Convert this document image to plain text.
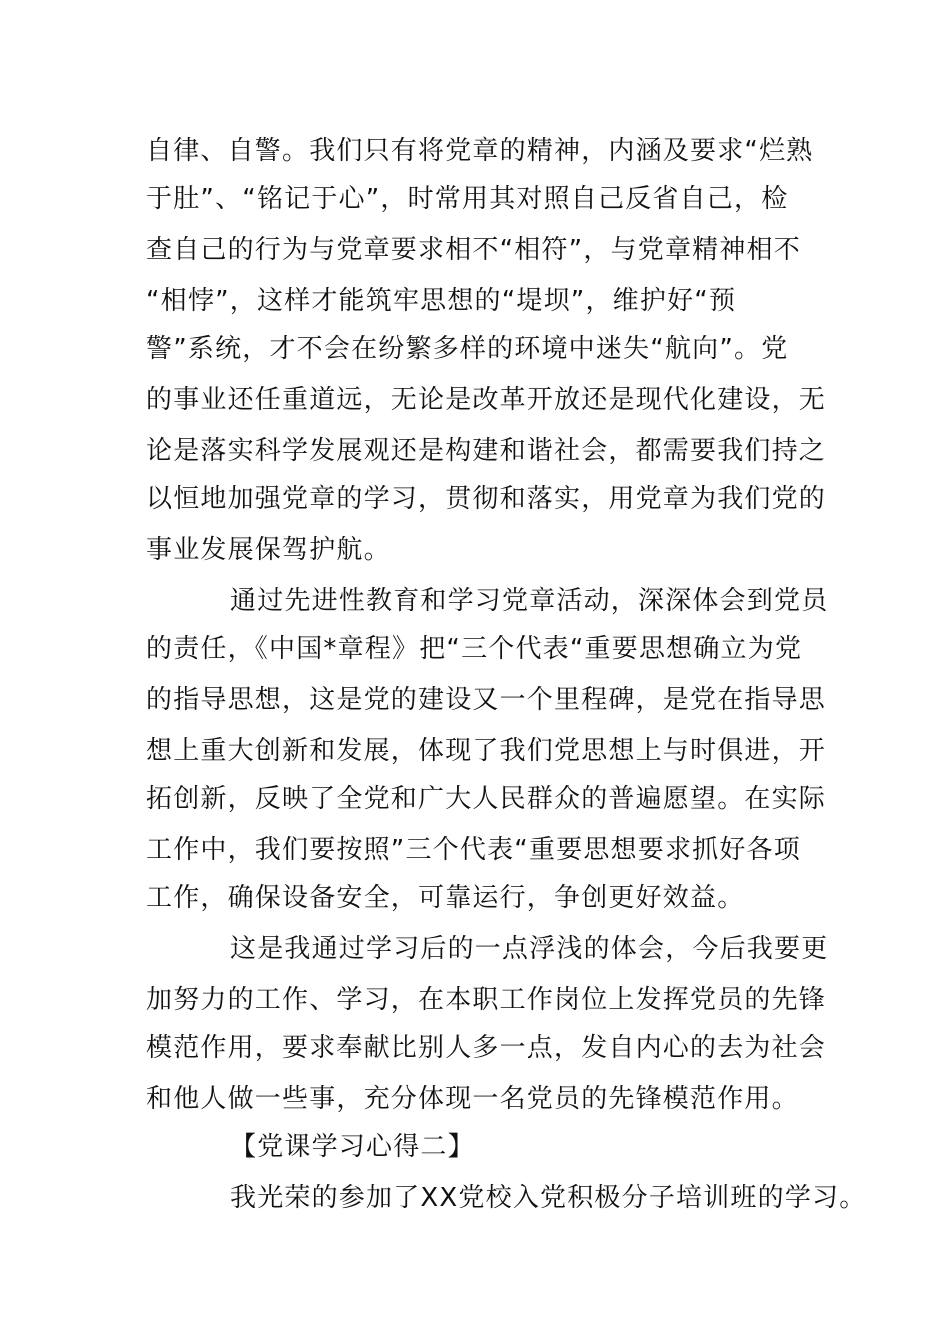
自律、自警。我们只有将党章的精神，内涵及要求“烂熟
于肚”、“铭记于心”，时常用其对照自己反省自己，检
查自己的行为与党章要求相不“相符”，与党章精神相不
“相悖”，这样才能筑牢思想的“堤坝”，维护好“预
警”系统，才不会在纷繁多样的环境中迷失“航向”。党
的事业还任重道远，无论是改革开放还是现代化建设，无
论是落实科学发展观还是构建和谐社会，都需要我们持之
以恒地加强党章的学习，贯彻和落实，用党章为我们党的
事业发展保驾护航。
通过先进性教育和学习党章活动，深深体会到党员
的责任，《中国*章程》把“三个代表“重要思想确立为党
的指导思想，这是党的建设又一个里程碑，是党在指导思
想上重大创新和发展，体现了我们党思想上与时俱进，开
拓创新，反映了全党和广大人民群众的普遍愿望。在实际
工作中，我们要按照”三个代表“重要思想要求抓好各项
工作，确保设备安全，可靠运行，争创更好效益。
这是我通过学习后的一点浮浅的体会，今后我要更
加努力的工作、学习，在本职工作岗位上发挥党员的先锋
模范作用，要求奉献比别人多一点，发自内心的去为社会
和他人做一些事，充分体现一名党员的先锋模范作用。
【党课学习心得二】
我光荣的参加了XX党校入党积极分子培训班的学习。
